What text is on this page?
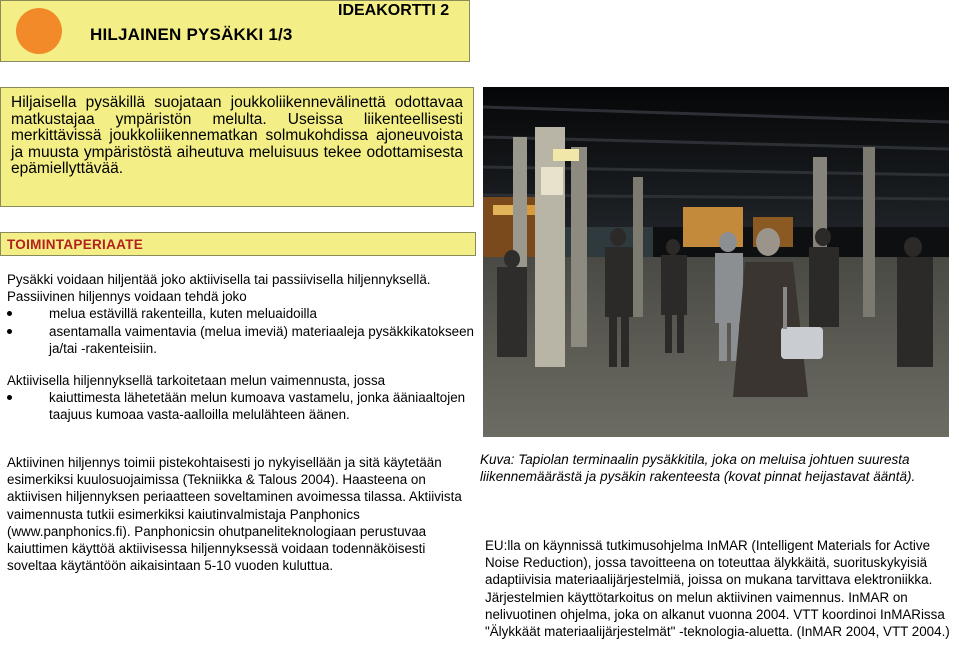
HILJAINEN PYSÄKKI 1/3
IDEAKORTTI 2

Hiljaisella pysäkillä suojataan joukkoliikennevälinettä odottavaa matkustajaa ympäristön melulta. Useissa liikenteellisesti merkittävissä joukkoliikennematkan solmukohdissa ajoneuvoista ja muusta ympäristöstä aiheutuva meluisuus tekee odottamisesta epämiellyttävää.

TOIMINTAPERIAATE

Pysäkki voidaan hiljentää joko aktiivisella tai passiivisella hiljennyksellä. Passiivinen hiljennys voidaan tehdä joko

melua estävillä rakenteilla, kuten meluaidoilla
asentamalla vaimentavia (melua imeviä) materiaaleja pysäkkikatokseen ja/tai -rakenteisiin.

Aktiivisella hiljennyksellä tarkoitetaan melun vaimennusta, jossa

kaiuttimesta lähetetään melun kumoava vastamelu, jonka ääniaaltojen taajuus kumoaa vasta-aalloilla melulähteen äänen.

Aktiivinen hiljennys toimii pistekohtaisesti jo nykyisellään ja sitä käytetään esimerkiksi kuulosuojaimissa (Tekniikka & Talous 2004). Haasteena on aktiivisen hiljennyksen periaatteen soveltaminen avoimessa tilassa. Aktiivista vaimennusta tutkii esimerkiksi kaiutinvalmistaja Panphonics (www.panphonics.fi). Panphonicsin ohutpaneliteknologiaan perustuvaa kaiuttimen käyttöä aktiivisessa hiljennyksessä voidaan todennäköisesti soveltaa käytäntöön aikaisintaan 5-10 vuoden kuluttua.

Kuva: Tapiolan terminaalin pysäkkitila, joka on meluisa johtuen suuresta liikennemäärästä ja pysäkin rakenteesta (kovat pinnat heijastavat ääntä).

EU:lla on käynnissä tutkimusohjelma InMAR (Intelligent Materials for Active Noise Reduction), jossa tavoitteena on toteuttaa älykkäitä, suorituskykyisiä adaptiivisia materiaalijärjestelmiä, joissa on mukana tarvittava elektroniikka. Järjestelmien käyttötarkoitus on melun aktiivinen vaimennus. InMAR on nelivuotinen ohjelma, joka on alkanut vuonna 2004. VTT koordinoi InMARissa "Älykkäät materiaalijärjestelmät" -teknologia-aluetta. (InMAR 2004, VTT 2004.)
